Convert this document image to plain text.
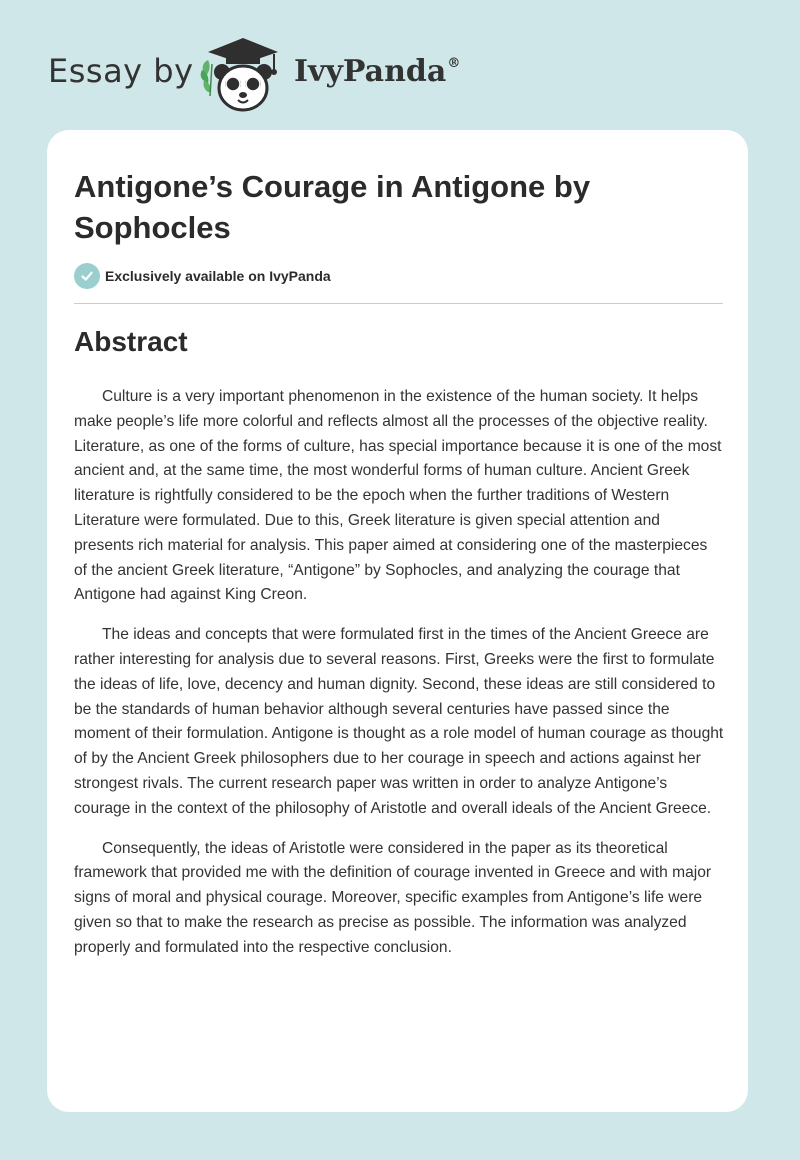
Essay by	IvyPanda®
Antigone’s Courage in Antigone by Sophocles
Exclusively available on IvyPanda
Abstract

Culture is a very important phenomenon in the existence of the human society. It helps make people’s life more colorful and reflects almost all the processes of the objective reality. Literature, as one of the forms of culture, has special importance because it is one of the most ancient and, at the same time, the most wonderful forms of human culture. Ancient Greek literature is rightfully considered to be the epoch when the further traditions of Western Literature were formulated. Due to this, Greek literature is given special attention and presents rich material for analysis. This paper aimed at considering one of the masterpieces of the ancient Greek literature, “Antigone” by Sophocles, and analyzing the courage that Antigone had against King Creon.

The ideas and concepts that were formulated first in the times of the Ancient Greece are rather interesting for analysis due to several reasons. First, Greeks were the first to formulate the ideas of life, love, decency and human dignity. Second, these ideas are still considered to be the standards of human behavior although several centuries have passed since the moment of their formulation. Antigone is thought as a role model of human courage as thought of by the Ancient Greek philosophers due to her courage in speech and actions against her strongest rivals. The current research paper was written in order to analyze Antigone’s courage in the context of the philosophy of Aristotle and overall ideals of the Ancient Greece.

Consequently, the ideas of Aristotle were considered in the paper as its theoretical framework that provided me with the definition of courage invented in Greece and with major signs of moral and physical courage. Moreover, specific examples from Antigone’s life were given so that to make the research as precise as possible. The information was analyzed properly and formulated into the respective conclusion.
